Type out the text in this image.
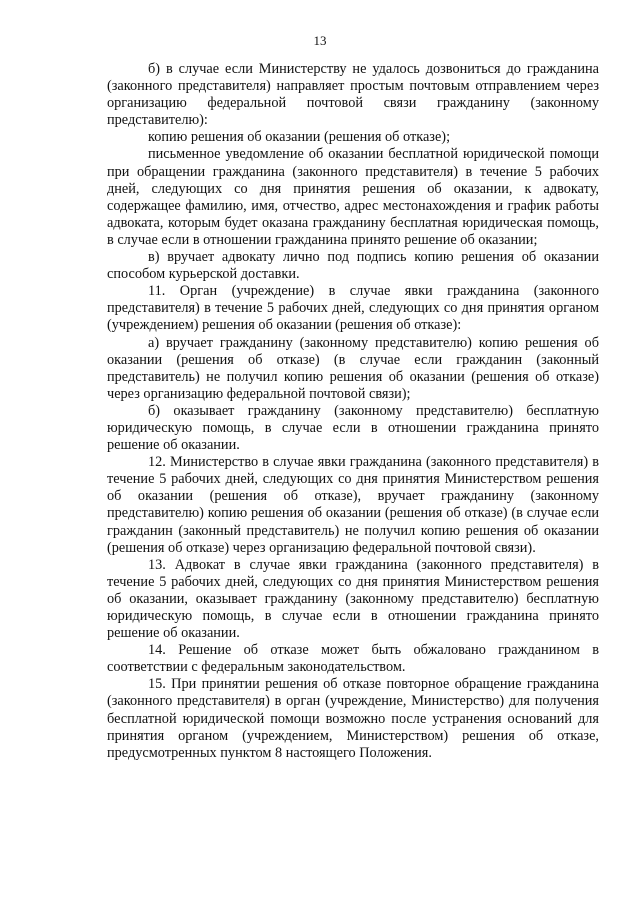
13

б) в случае если Министерству не удалось дозвониться до гражданина (законного представителя) направляет простым почтовым отправлением через организацию федеральной почтовой связи гражданину (законному представителю):

копию решения об оказании (решения об отказе);

письменное уведомление об оказании бесплатной юридической помощи при обращении гражданина (законного представителя) в течение 5 рабочих дней, следующих со дня принятия решения об оказании, к адвокату, содержащее фамилию, имя, отчество, адрес местонахождения и график работы адвоката, которым будет оказана гражданину бесплатная юридическая помощь, в случае если в отношении гражданина принято решение об оказании;

в) вручает адвокату лично под подпись копию решения об оказании способом курьерской доставки.

11. Орган (учреждение) в случае явки гражданина (законного представителя) в течение 5 рабочих дней, следующих со дня принятия органом (учреждением) решения об оказании (решения об отказе):

а) вручает гражданину (законному представителю) копию решения об оказании (решения об отказе) (в случае если гражданин (законный представитель) не получил копию решения об оказании (решения об отказе) через организацию федеральной почтовой связи);

б) оказывает гражданину (законному представителю) бесплатную юридическую помощь, в случае если в отношении гражданина принято решение об оказании.

12. Министерство в случае явки гражданина (законного представителя) в течение 5 рабочих дней, следующих со дня принятия Министерством решения об оказании (решения об отказе), вручает гражданину (законному представителю) копию решения об оказании (решения об отказе) (в случае если гражданин (законный представитель) не получил копию решения об оказании (решения об отказе) через организацию федеральной почтовой связи).

13. Адвокат в случае явки гражданина (законного представителя) в течение 5 рабочих дней, следующих со дня принятия Министерством решения об оказании, оказывает гражданину (законному представителю) бесплатную юридическую помощь, в случае если в отношении гражданина принято решение об оказании.

14. Решение об отказе может быть обжаловано гражданином в соответствии с федеральным законодательством.

15. При принятии решения об отказе повторное обращение гражданина (законного представителя) в орган (учреждение, Министерство) для получения бесплатной юридической помощи возможно после устранения оснований для принятия органом (учреждением, Министерством) решения об отказе, предусмотренных пунктом 8 настоящего Положения.
